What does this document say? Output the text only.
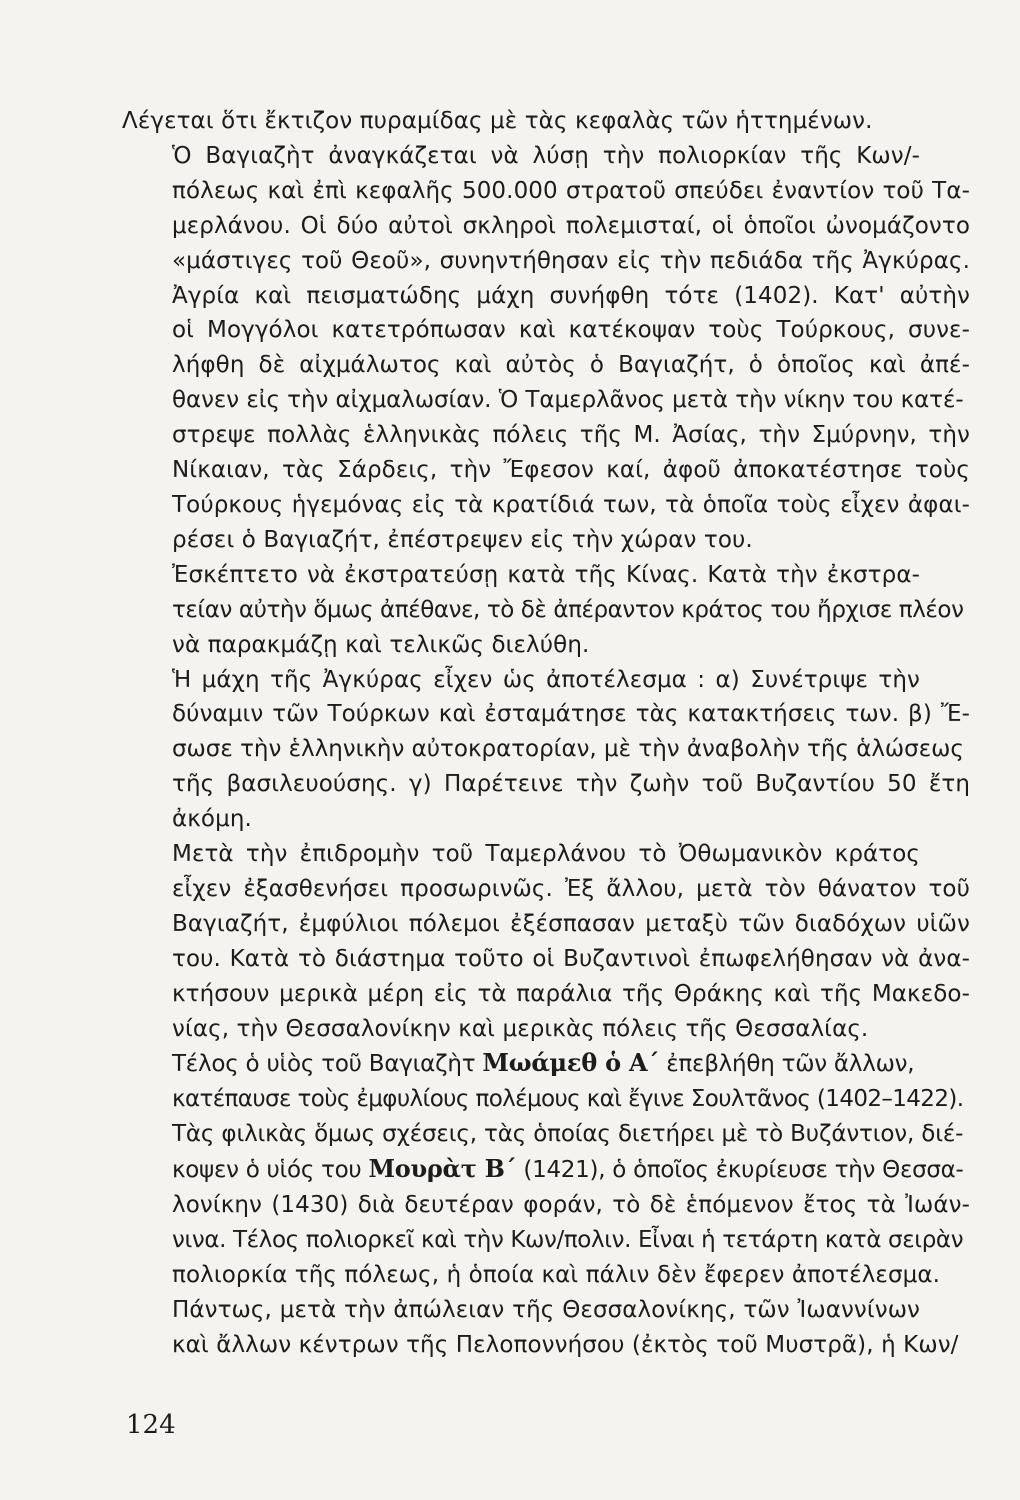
Λέγεται ὅτι ἔκτιζον πυραμίδας μὲ τὰς κεφαλὰς τῶν ἡττημένων.

Ὁ Βαγιαζὴτ ἀναγκάζεται νὰ λύσῃ τὴν πολιορκίαν τῆς Κων/-
πόλεως καὶ ἐπὶ κεφαλῆς 500.000 στρατοῦ σπεύδει ἐναντίον τοῦ Τα-
μερλάνου. Οἱ δύο αὐτοὶ σκληροὶ πολεμισταί, οἱ ὁποῖοι ὠνομάζοντο
«μάστιγες τοῦ Θεοῦ», συνηντήθησαν εἰς τὴν πεδιάδα τῆς Ἀγκύρας.
Ἀγρία καὶ πεισματώδης μάχη συνήφθη τότε (1402). Κατ' αὐτὴν
οἱ Μογγόλοι κατετρόπωσαν καὶ κατέκοψαν τοὺς Τούρκους, συνε-
λήφθη δὲ αἰχμάλωτος καὶ αὐτὸς ὁ Βαγιαζήτ, ὁ ὁποῖος καὶ ἀπέ-
θανεν εἰς τὴν αἰχμαλωσίαν. Ὁ Ταμερλᾶνος μετὰ τὴν νίκην του κατέ-
στρεψε πολλὰς ἑλληνικὰς πόλεις τῆς Μ. Ἀσίας, τὴν Σμύρνην, τὴν
Νίκαιαν, τὰς Σάρδεις, τὴν Ἔφεσον καί, ἀφοῦ ἀποκατέστησε τοὺς
Τούρκους ἡγεμόνας εἰς τὰ κρατίδιά των, τὰ ὁποῖα τοὺς εἶχεν ἀφαι-
ρέσει ὁ Βαγιαζήτ, ἐπέστρεψεν εἰς τὴν χώραν του.

Ἐσκέπτετο νὰ ἐκστρατεύσῃ κατὰ τῆς Κίνας. Κατὰ τὴν ἐκστρα-
τείαν αὐτὴν ὅμως ἀπέθανε, τὸ δὲ ἀπέραντον κράτος του ἤρχισε πλέον
νὰ παρακμάζῃ καὶ τελικῶς διελύθη.

Ἡ μάχη τῆς Ἀγκύρας εἶχεν ὡς ἀποτέλεσμα : α) Συνέτριψε τὴν
δύναμιν τῶν Τούρκων καὶ ἐσταμάτησε τὰς κατακτήσεις των. β) Ἔ-
σωσε τὴν ἑλληνικὴν αὐτοκρατορίαν, μὲ τὴν ἀναβολὴν τῆς ἁλώσεως
τῆς βασιλευούσης. γ) Παρέτεινε τὴν ζωὴν τοῦ Βυζαντίου 50 ἔτη
ἀκόμη.

Μετὰ τὴν ἐπιδρομὴν τοῦ Ταμερλάνου τὸ Ὀθωμανικὸν κράτος
εἶχεν ἐξασθενήσει προσωρινῶς. Ἐξ ἄλλου, μετὰ τὸν θάνατον τοῦ
Βαγιαζήτ, ἐμφύλιοι πόλεμοι ἐξέσπασαν μεταξὺ τῶν διαδόχων υἱῶν
του. Κατὰ τὸ διάστημα τοῦτο οἱ Βυζαντινοὶ ἐπωφελήθησαν νὰ ἀνα-
κτήσουν μερικὰ μέρη εἰς τὰ παράλια τῆς Θράκης καὶ τῆς Μακεδο-
νίας, τὴν Θεσσαλονίκην καὶ μερικὰς πόλεις τῆς Θεσσαλίας.

Τέλος ὁ υἱὸς τοῦ Βαγιαζὴτ Μωάμεθ ὁ Α΄ ἐπεβλήθη τῶν ἄλλων,
κατέπαυσε τοὺς ἐμφυλίους πολέμους καὶ ἔγινε Σουλτᾶνος (1402–1422).
Τὰς φιλικὰς ὅμως σχέσεις, τὰς ὁποίας διετήρει μὲ τὸ Βυζάντιον, διέ-
κοψεν ὁ υἱός του Μουρὰτ Β΄ (1421), ὁ ὁποῖος ἐκυρίευσε τὴν Θεσσα-
λονίκην (1430) διὰ δευτέραν φοράν, τὸ δὲ ἑπόμενον ἔτος τὰ Ἰωάν-
νινα. Τέλος πολιορκεῖ καὶ τὴν Κων/πολιν. Εἶναι ἡ τετάρτη κατὰ σειρὰν
πολιορκία τῆς πόλεως, ἡ ὁποία καὶ πάλιν δὲν ἔφερεν ἀποτέλεσμα.

Πάντως, μετὰ τὴν ἀπώλειαν τῆς Θεσσαλονίκης, τῶν Ἰωαννίνων
καὶ ἄλλων κέντρων τῆς Πελοποννήσου (ἐκτὸς τοῦ Μυστρᾶ), ἡ Κων/

124
